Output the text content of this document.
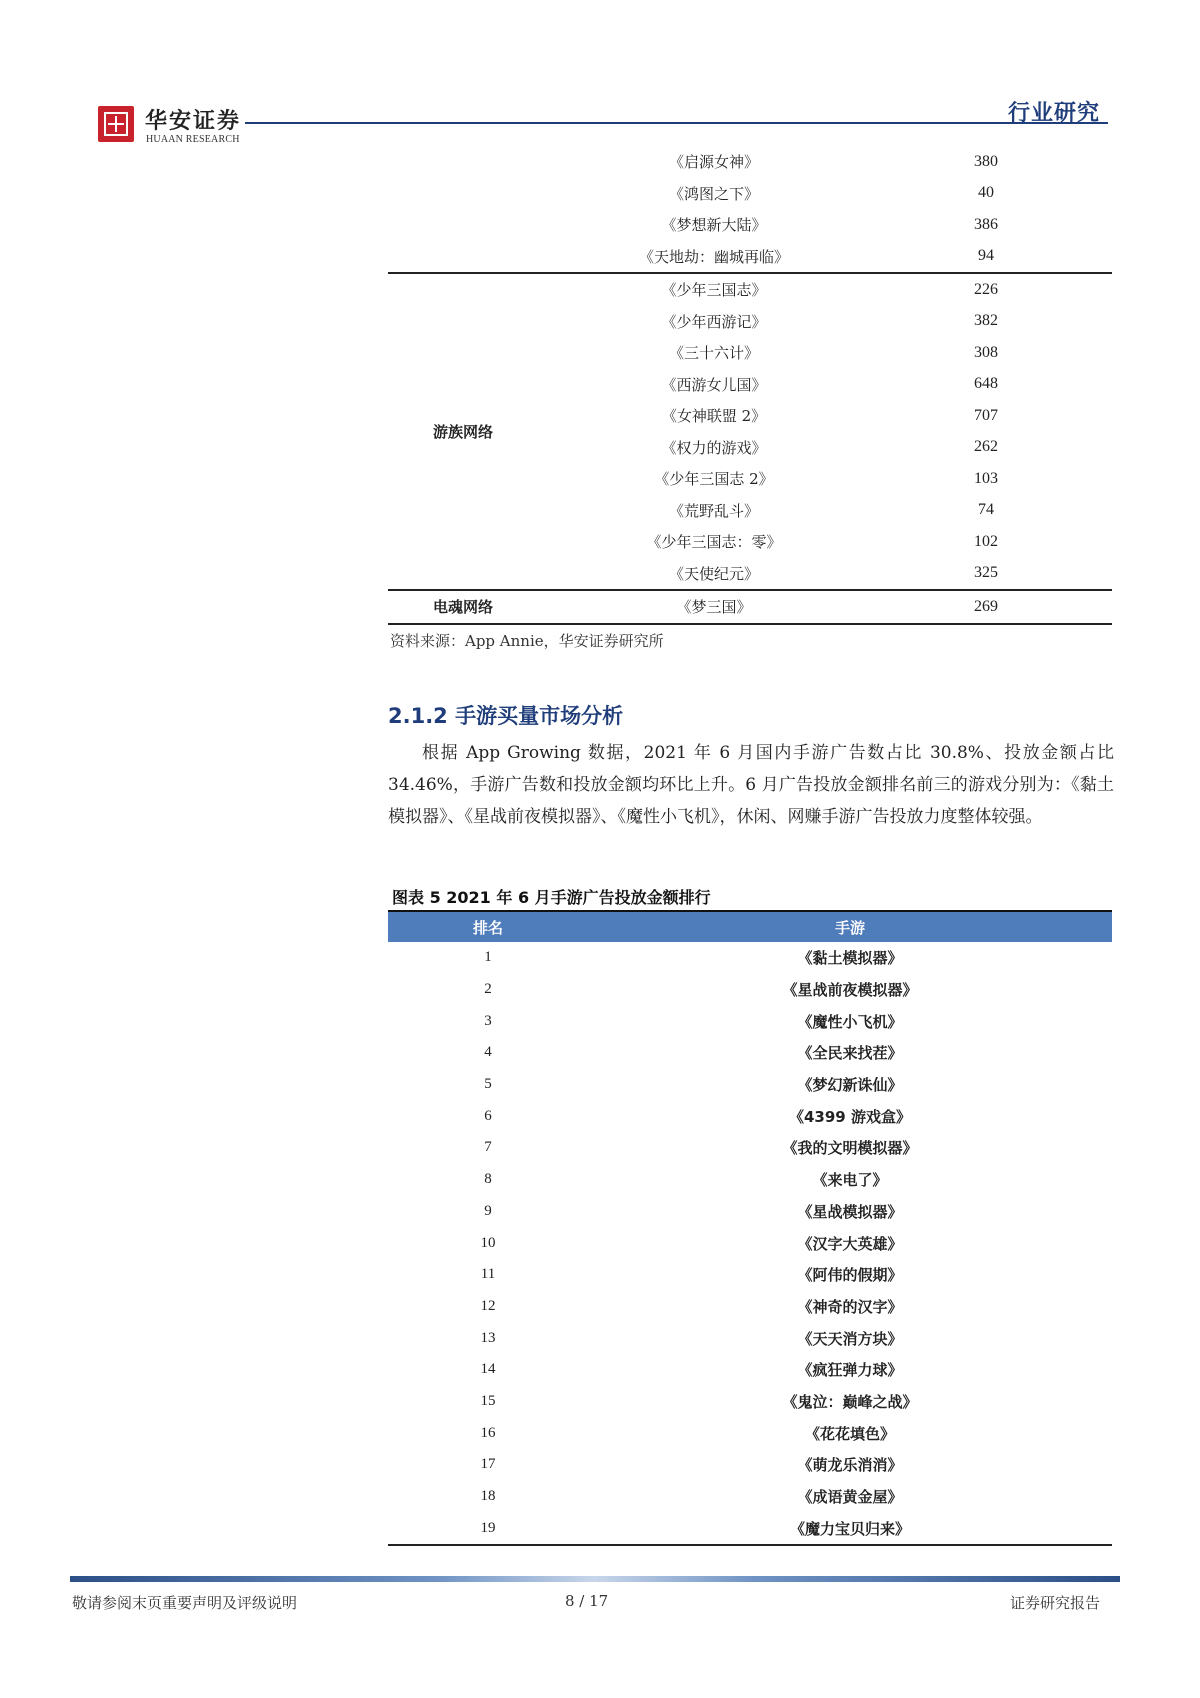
华安证券
HUAAN RESEARCH
行业研究
《启源女神》	380
《鸿图之下》	40
《梦想新大陆》	386
《天地劫：幽城再临》	94
游族网络
《少年三国志》	226
《少年西游记》	382
《三十六计》	308
《西游女儿国》	648
《女神联盟 2》	707
《权力的游戏》	262
《少年三国志 2》	103
《荒野乱斗》	74
《少年三国志：零》	102
《天使纪元》	325
电魂网络	《梦三国》	269
资料来源：App Annie，华安证券研究所
2.1.2 手游买量市场分析
根据 App Growing 数据，2021 年 6 月国内手游广告数占比 30.8%、投放金额占比 34.46%，手游广告数和投放金额均环比上升。6 月广告投放金额排名前三的游戏分别为：《黏土模拟器》、《星战前夜模拟器》、《魔性小飞机》，休闲、网赚手游广告投放力度整体较强。
图表 5 2021 年 6 月手游广告投放金额排行
排名	手游
1	《黏土模拟器》
2	《星战前夜模拟器》
3	《魔性小飞机》
4	《全民来找茬》
5	《梦幻新诛仙》
6	《4399 游戏盒》
7	《我的文明模拟器》
8	《来电了》
9	《星战模拟器》
10	《汉字大英雄》
11	《阿伟的假期》
12	《神奇的汉字》
13	《天天消方块》
14	《疯狂弹力球》
15	《鬼泣：巅峰之战》
16	《花花填色》
17	《萌龙乐消消》
18	《成语黄金屋》
19	《魔力宝贝归来》
敬请参阅末页重要声明及评级说明	8 / 17	证券研究报告
